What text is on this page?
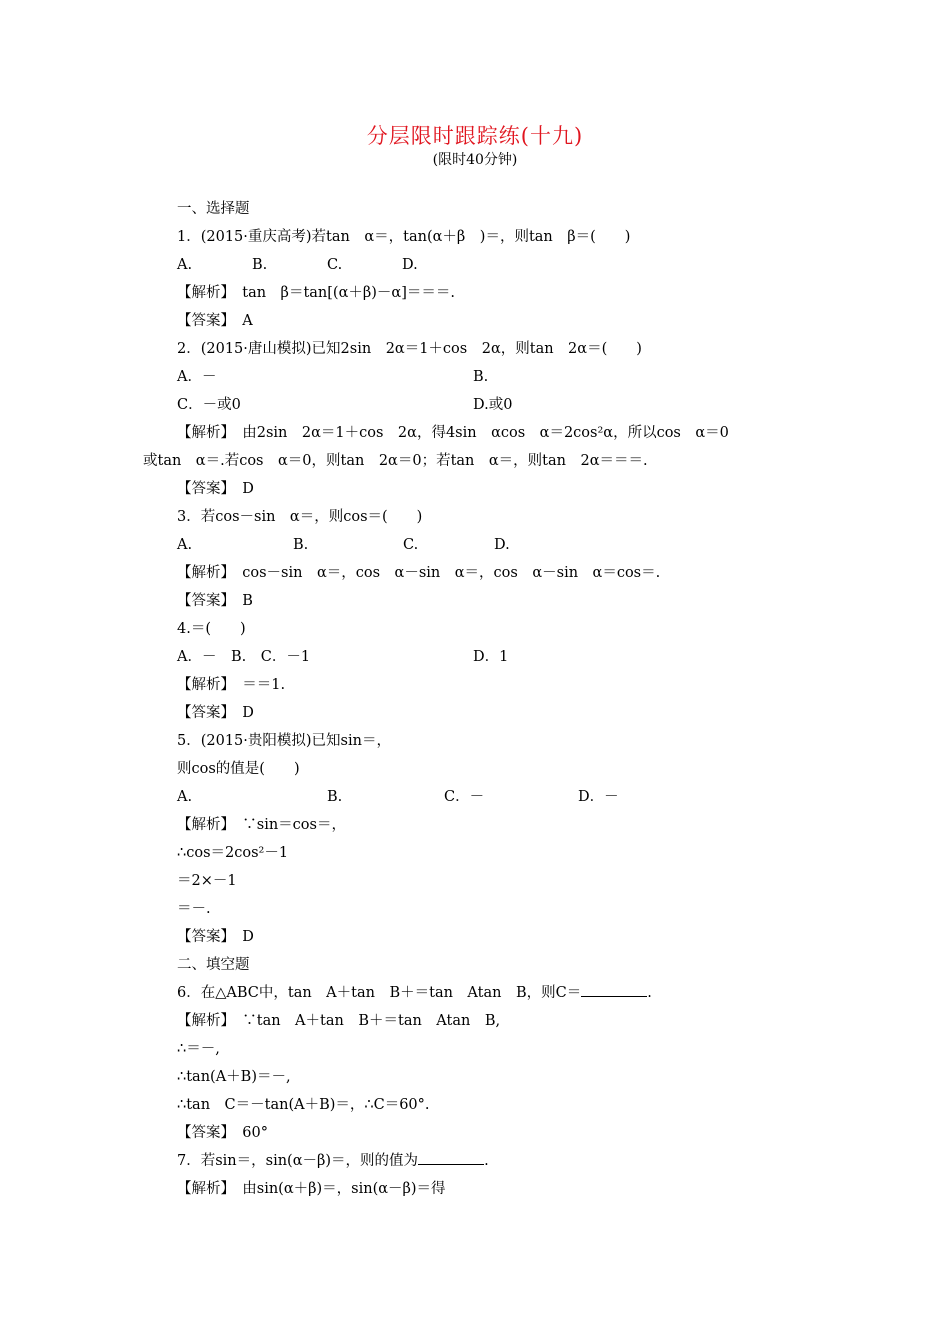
分层限时跟踪练(十九)
(限时40分钟)
一、选择题
1．(2015·重庆高考)若tan　α＝，tan(α＋β　)＝，则tan　β＝(　　)
A.	B.	C.	D.
【解析】　tan　β＝tan[(α＋β)－α]＝＝＝.
【答案】　A
2．(2015·唐山模拟)已知2sin　2α＝1＋cos　2α，则tan　2α＝(　　)
A．－	B.
C．－或0	D.或0
【解析】　由2sin　2α＝1＋cos　2α，得4sin　αcos　α＝2cos²α，所以cos　α＝0
或tan　α＝.若cos　α＝0，则tan　2α＝0；若tan　α＝，则tan　2α＝＝＝.
【答案】　D
3．若cos－sin　α＝，则cos＝(　　)
A.	B.	C.	D.
【解析】　cos－sin　α＝，cos　α－sin　α＝，cos　α－sin　α＝cos＝.
【答案】　B
4.＝(　　)
A．－　B.　C．－1	D．1
【解析】　＝＝1.
【答案】　D
5．(2015·贵阳模拟)已知sin＝，
则cos的值是(　　)
A.	B.	C．－	D．－
【解析】　∵sin＝cos＝，
∴cos＝2cos²－1
＝2×－1
＝－.
【答案】　D
二、填空题
6．在△ABC中，tan　A＋tan　B＋＝tan　Atan　B，则C＝	.
【解析】　∵tan　A＋tan　B＋＝tan　Atan　B,
∴＝－,
∴tan(A＋B)＝－,
∴tan　C＝－tan(A＋B)＝，∴C＝60°.
【答案】　60°
7．若sin＝，sin(α－β)＝，则的值为	.
【解析】　由sin(α＋β)＝，sin(α－β)＝得
